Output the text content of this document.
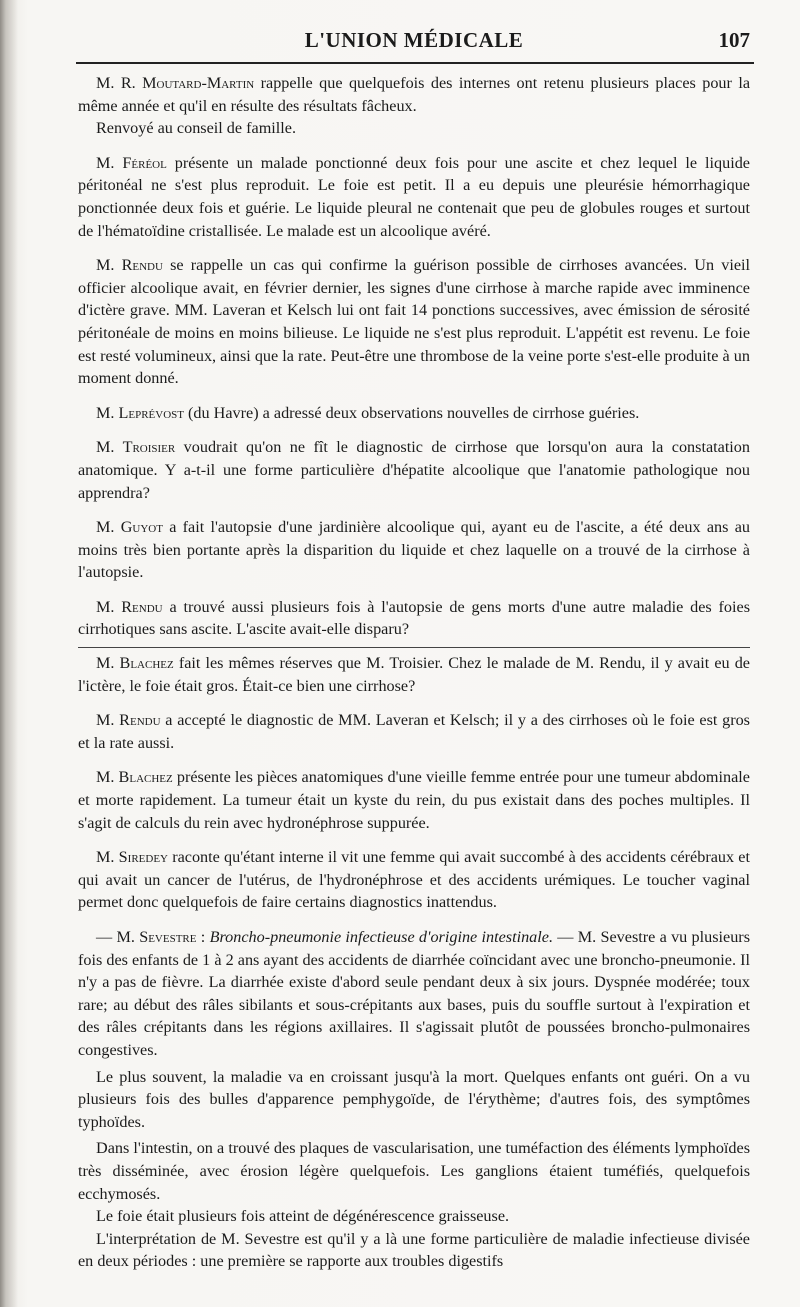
L'UNION MÉDICALE	107

M. R. Moutard-Martin rappelle que quelquefois des internes ont retenu plusieurs places pour la même année et qu'il en résulte des résultats fâcheux.

Renvoyé au conseil de famille.

M. Féréol présente un malade ponctionné deux fois pour une ascite et chez lequel le liquide péritonéal ne s'est plus reproduit. Le foie est petit. Il a eu depuis une pleurésie hémorrhagique ponctionnée deux fois et guérie. Le liquide pleural ne contenait que peu de globules rouges et surtout de l'hématoïdine cristallisée. Le malade est un alcoolique avéré.

M. Rendu se rappelle un cas qui confirme la guérison possible de cirrhoses avancées. Un vieil officier alcoolique avait, en février dernier, les signes d'une cirrhose à marche rapide avec imminence d'ictère grave. MM. Laveran et Kelsch lui ont fait 14 ponctions successives, avec émission de sérosité péritonéale de moins en moins bilieuse. Le liquide ne s'est plus reproduit. L'appétit est revenu. Le foie est resté volumineux, ainsi que la rate. Peut-être une thrombose de la veine porte s'est-elle produite à un moment donné.

M. Leprévost (du Havre) a adressé deux observations nouvelles de cirrhose guéries.

M. Troisier voudrait qu'on ne fît le diagnostic de cirrhose que lorsqu'on aura la constatation anatomique. Y a-t-il une forme particulière d'hépatite alcoolique que l'anatomie pathologique nou apprendra?

M. Guyot a fait l'autopsie d'une jardinière alcoolique qui, ayant eu de l'ascite, a été deux ans au moins très bien portante après la disparition du liquide et chez laquelle on a trouvé de la cirrhose à l'autopsie.

M. Rendu a trouvé aussi plusieurs fois à l'autopsie de gens morts d'une autre maladie des foies cirrhotiques sans ascite. L'ascite avait-elle disparu?

M. Blachez fait les mêmes réserves que M. Troisier. Chez le malade de M. Rendu, il y avait eu de l'ictère, le foie était gros. Était-ce bien une cirrhose?

M. Rendu a accepté le diagnostic de MM. Laveran et Kelsch; il y a des cirrhoses où le foie est gros et la rate aussi.

M. Blachez présente les pièces anatomiques d'une vieille femme entrée pour une tumeur abdominale et morte rapidement. La tumeur était un kyste du rein, du pus existait dans des poches multiples. Il s'agit de calculs du rein avec hydronéphrose suppurée.

M. Siredey raconte qu'étant interne il vit une femme qui avait succombé à des accidents cérébraux et qui avait un cancer de l'utérus, de l'hydronéphrose et des accidents urémiques. Le toucher vaginal permet donc quelquefois de faire certains diagnostics inattendus.

— M. Sevestre : Broncho-pneumonie infectieuse d'origine intestinale. — M. Sevestre a vu plusieurs fois des enfants de 1 à 2 ans ayant des accidents de diarrhée coïncidant avec une broncho-pneumonie. Il n'y a pas de fièvre. La diarrhée existe d'abord seule pendant deux à six jours. Dyspnée modérée; toux rare; au début des râles sibilants et sous-crépitants aux bases, puis du souffle surtout à l'expiration et des râles crépitants dans les régions axillaires. Il s'agissait plutôt de poussées broncho-pulmonaires congestives.

Le plus souvent, la maladie va en croissant jusqu'à la mort. Quelques enfants ont guéri. On a vu plusieurs fois des bulles d'apparence pemphygoïde, de l'érythème; d'autres fois, des symptômes typhoïdes.

Dans l'intestin, on a trouvé des plaques de vascularisation, une tuméfaction des éléments lymphoïdes très disséminée, avec érosion légère quelquefois. Les ganglions étaient tuméfiés, quelquefois ecchymosés.

Le foie était plusieurs fois atteint de dégénérescence graisseuse.

L'interprétation de M. Sevestre est qu'il y a là une forme particulière de maladie infectieuse divisée en deux périodes : une première se rapporte aux troubles digestifs
